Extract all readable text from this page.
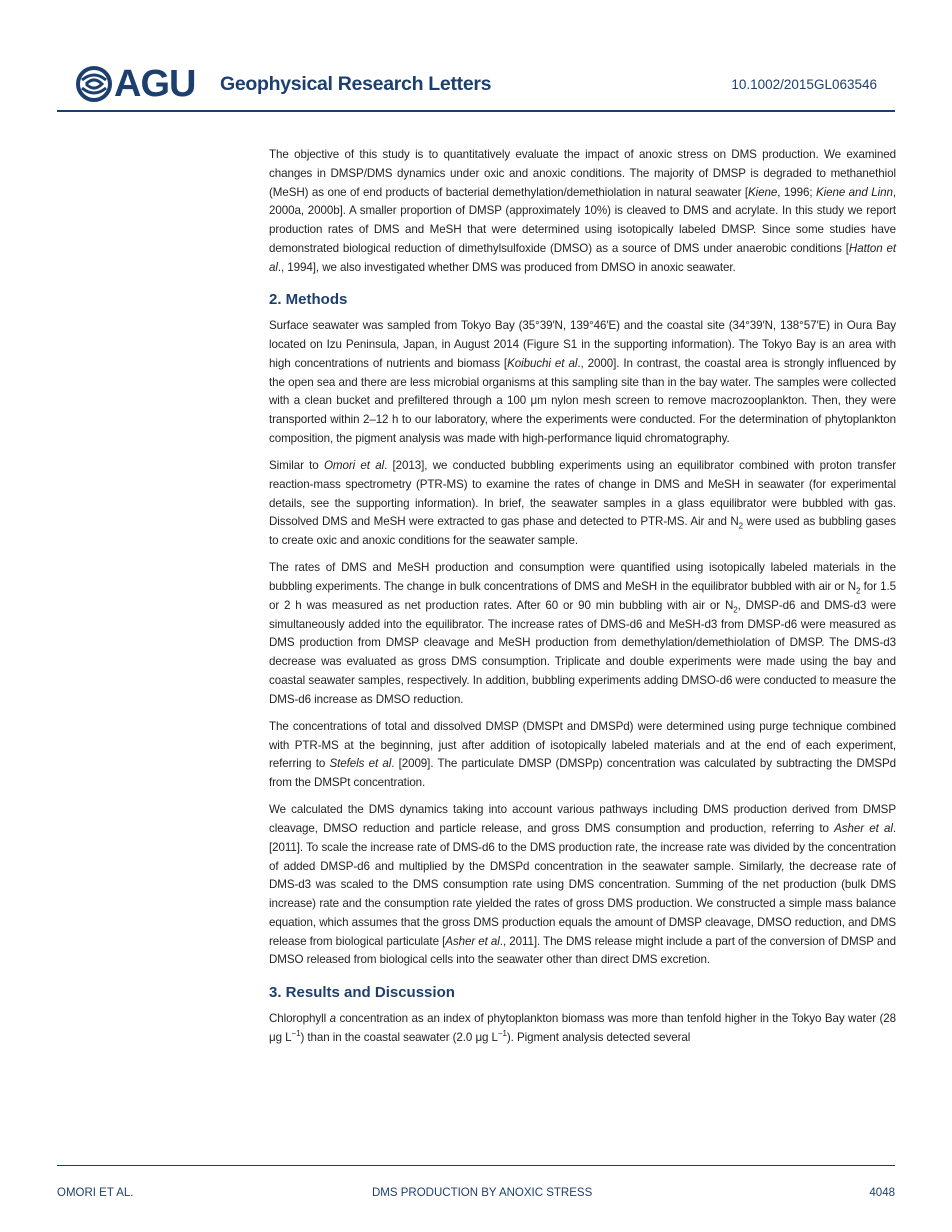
AGU Geophysical Research Letters	10.1002/2015GL063546

The objective of this study is to quantitatively evaluate the impact of anoxic stress on DMS production. We examined changes in DMSP/DMS dynamics under oxic and anoxic conditions. The majority of DMSP is degraded to methanethiol (MeSH) as one of end products of bacterial demethylation/demethiolation in natural seawater [Kiene, 1996; Kiene and Linn, 2000a, 2000b]. A smaller proportion of DMSP (approximately 10%) is cleaved to DMS and acrylate. In this study we report production rates of DMS and MeSH that were determined using isotopically labeled DMSP. Since some studies have demonstrated biological reduction of dimethylsulfoxide (DMSO) as a source of DMS under anaerobic conditions [Hatton et al., 1994], we also investigated whether DMS was produced from DMSO in anoxic seawater.

2. Methods

Surface seawater was sampled from Tokyo Bay (35°39′N, 139°46′E) and the coastal site (34°39′N, 138°57′E) in Oura Bay located on Izu Peninsula, Japan, in August 2014 (Figure S1 in the supporting information). The Tokyo Bay is an area with high concentrations of nutrients and biomass [Koibuchi et al., 2000]. In contrast, the coastal area is strongly influenced by the open sea and there are less microbial organisms at this sampling site than in the bay water. The samples were collected with a clean bucket and prefiltered through a 100 μm nylon mesh screen to remove macrozooplankton. Then, they were transported within 2–12 h to our laboratory, where the experiments were conducted. For the determination of phytoplankton composition, the pigment analysis was made with high-performance liquid chromatography.

Similar to Omori et al. [2013], we conducted bubbling experiments using an equilibrator combined with proton transfer reaction-mass spectrometry (PTR-MS) to examine the rates of change in DMS and MeSH in seawater (for experimental details, see the supporting information). In brief, the seawater samples in a glass equilibrator were bubbled with gas. Dissolved DMS and MeSH were extracted to gas phase and detected to PTR-MS. Air and $N_2$ were used as bubbling gases to create oxic and anoxic conditions for the seawater sample.

The rates of DMS and MeSH production and consumption were quantified using isotopically labeled materials in the bubbling experiments. The change in bulk concentrations of DMS and MeSH in the equilibrator bubbled with air or $N_2$ for 1.5 or 2 h was measured as net production rates. After 60 or 90 min bubbling with air or $N_2$, DMSP-d6 and DMS-d3 were simultaneously added into the equilibrator. The increase rates of DMS-d6 and MeSH-d3 from DMSP-d6 were measured as DMS production from DMSP cleavage and MeSH production from demethylation/demethiolation of DMSP. The DMS-d3 decrease was evaluated as gross DMS consumption. Triplicate and double experiments were made using the bay and coastal seawater samples, respectively. In addition, bubbling experiments adding DMSO-d6 were conducted to measure the DMS-d6 increase as DMSO reduction.

The concentrations of total and dissolved DMSP (DMSPt and DMSPd) were determined using purge technique combined with PTR-MS at the beginning, just after addition of isotopically labeled materials and at the end of each experiment, referring to Stefels et al. [2009]. The particulate DMSP (DMSPp) concentration was calculated by subtracting the DMSPd from the DMSPt concentration.

We calculated the DMS dynamics taking into account various pathways including DMS production derived from DMSP cleavage, DMSO reduction and particle release, and gross DMS consumption and production, referring to Asher et al. [2011]. To scale the increase rate of DMS-d6 to the DMS production rate, the increase rate was divided by the concentration of added DMSP-d6 and multiplied by the DMSPd concentration in the seawater sample. Similarly, the decrease rate of DMS-d3 was scaled to the DMS consumption rate using DMS concentration. Summing of the net production (bulk DMS increase) rate and the consumption rate yielded the rates of gross DMS production. We constructed a simple mass balance equation, which assumes that the gross DMS production equals the amount of DMSP cleavage, DMSO reduction, and DMS release from biological particulate [Asher et al., 2011]. The DMS release might include a part of the conversion of DMSP and DMSO released from biological cells into the seawater other than direct DMS excretion.

3. Results and Discussion

Chlorophyll a concentration as an index of phytoplankton biomass was more than tenfold higher in the Tokyo Bay water (28 μg $L^{-1}$) than in the coastal seawater (2.0 μg $L^{-1}$). Pigment analysis detected several

OMORI ET AL.	DMS PRODUCTION BY ANOXIC STRESS	4048
